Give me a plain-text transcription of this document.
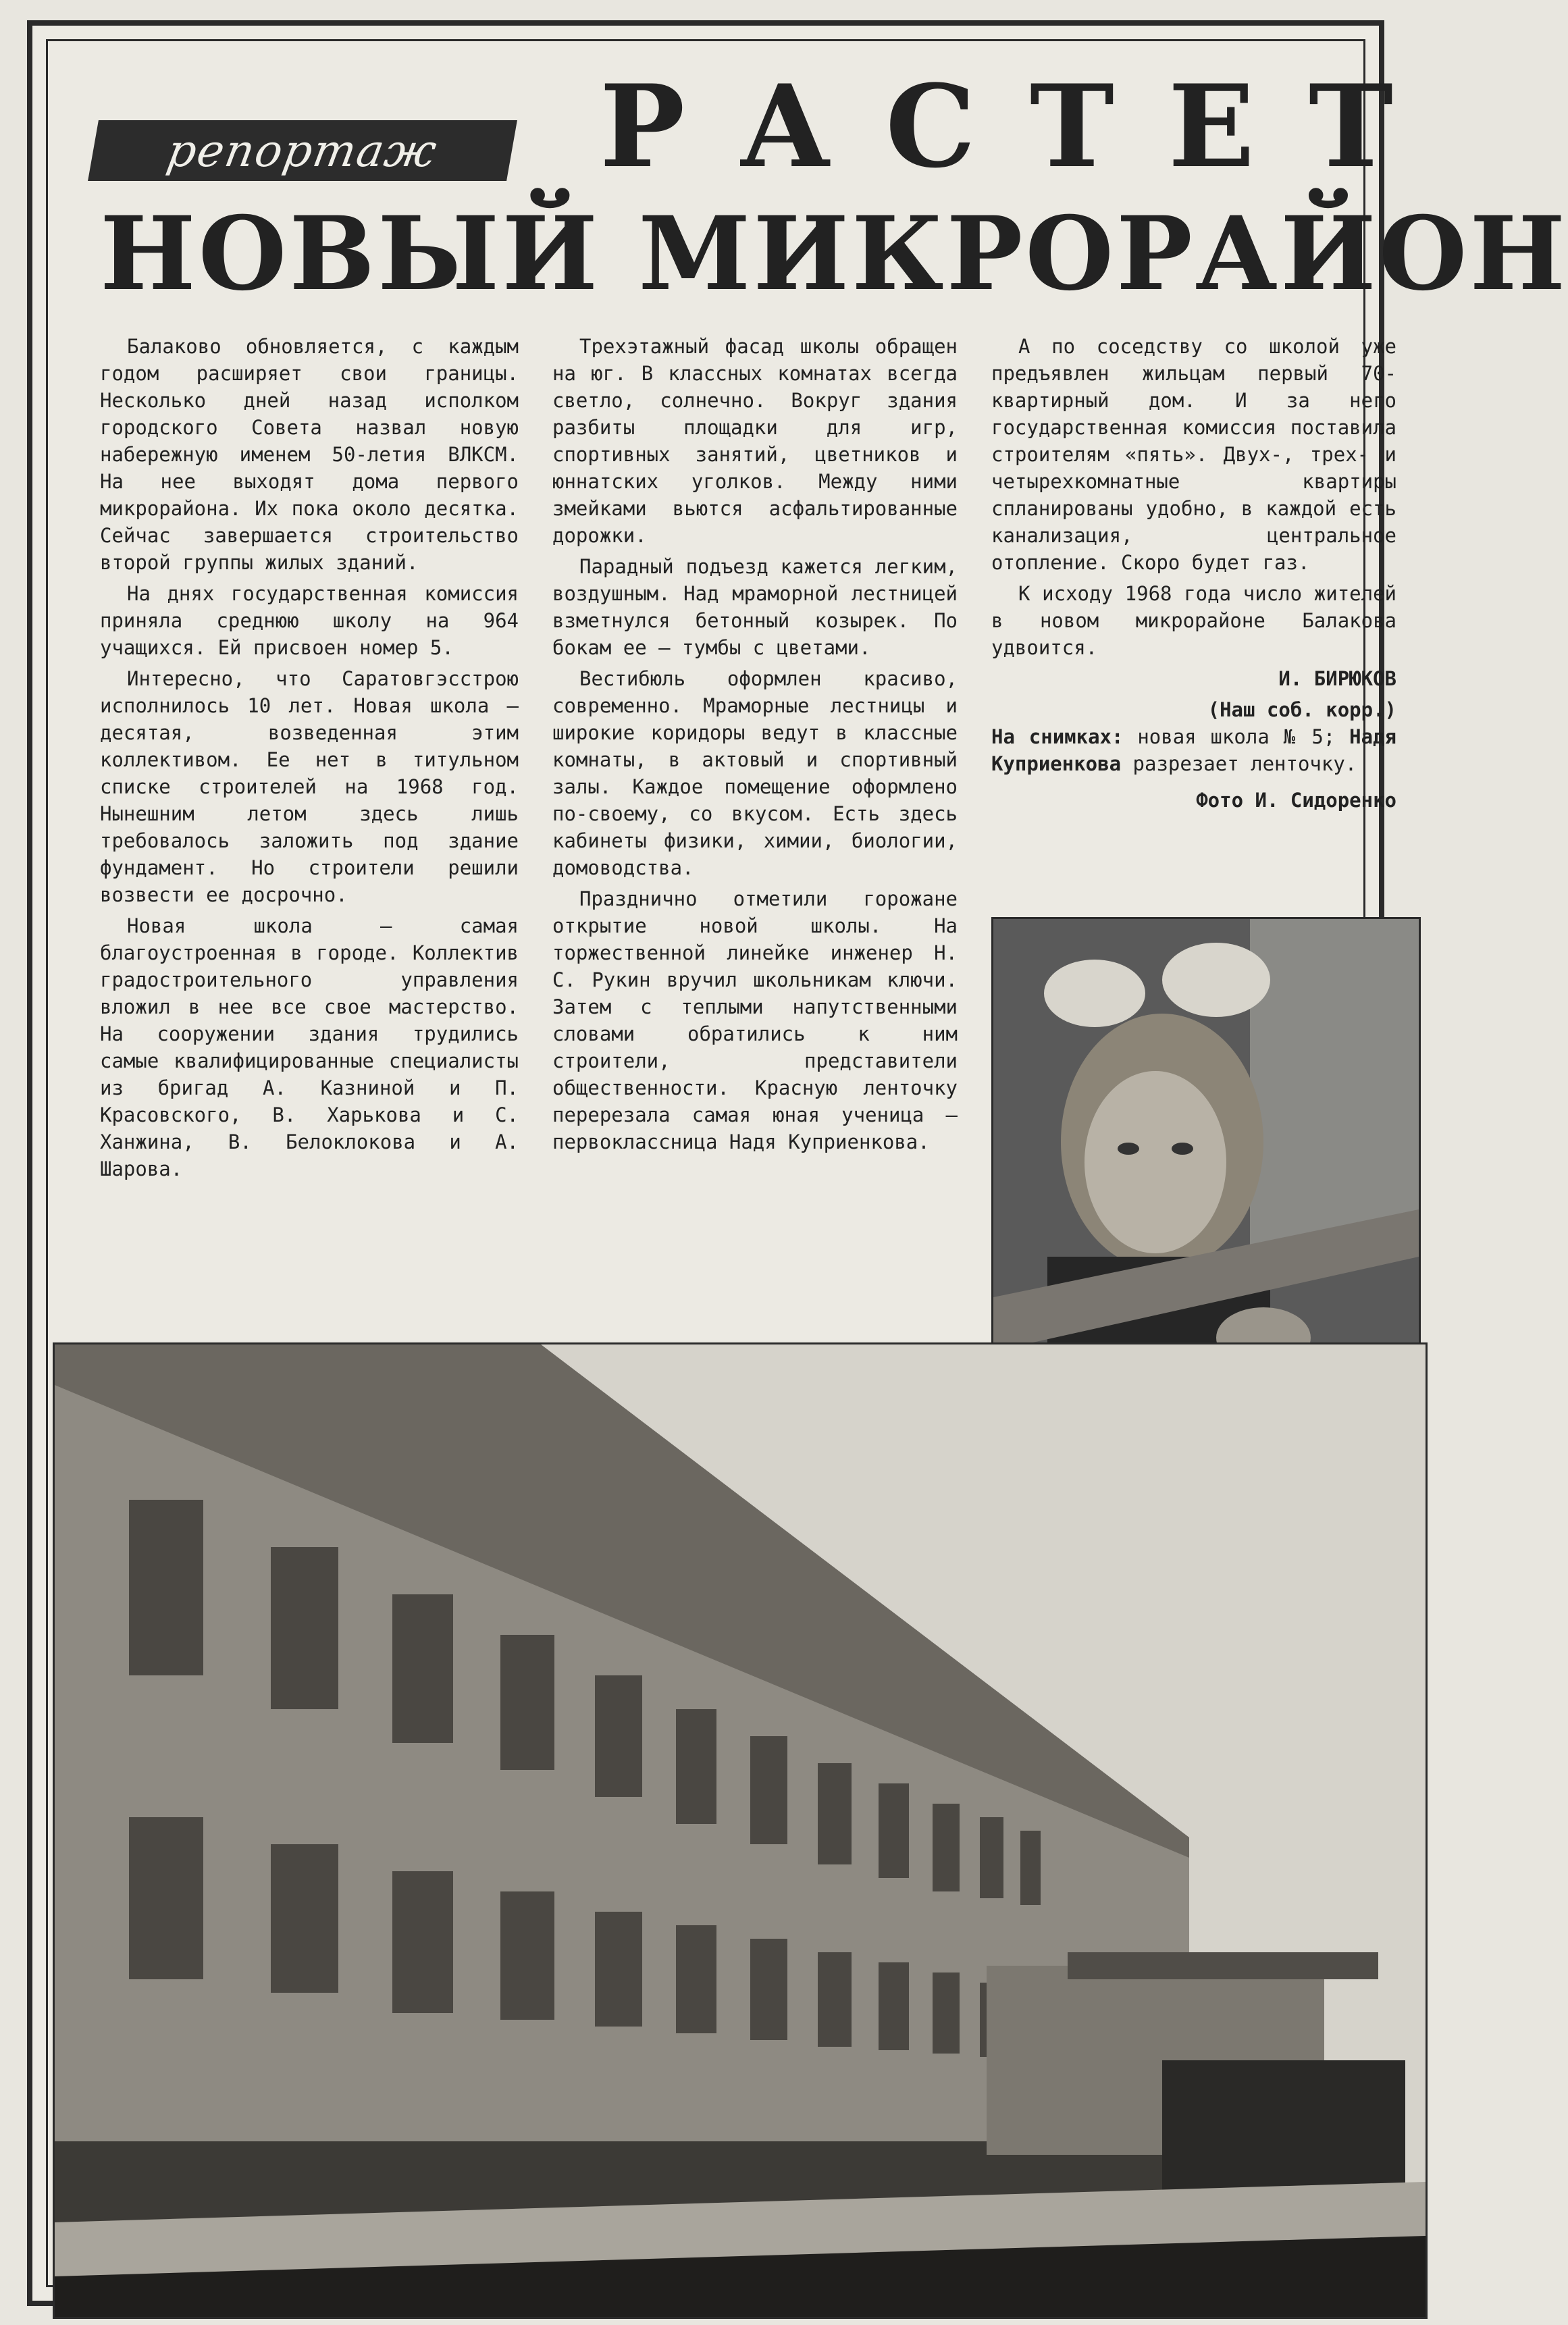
репортаж	РАСТЕТ
НОВЫЙ МИКРОРАЙОН

Балаково обновляется, с каждым годом расширяет свои границы. Несколько дней назад исполком городского Совета назвал новую набережную именем 50-летия ВЛКСМ. На нее выходят дома первого микрорайона. Их пока около десятка. Сейчас завершается строительство второй группы жилых зданий.

На днях государственная комиссия приняла среднюю школу на 964 учащихся. Ей присвоен номер 5.

Интересно, что Саратовгэсстрою исполнилось 10 лет. Новая школа — десятая, возведенная этим коллективом. Ее нет в титульном списке строителей на 1968 год. Нынешним летом здесь лишь требовалось заложить под здание фундамент. Но строители решили возвести ее досрочно.

Новая школа — самая благоустроенная в городе. Коллектив градостроительного управления вложил в нее все свое мастерство. На сооружении здания трудились самые квалифицированные специалисты из бригад А. Казниной и П. Красовского, В. Харькова и С. Ханжина, В. Белоклокова и А. Шарова.

Трехэтажный фасад школы обращен на юг. В классных комнатах всегда светло, солнечно. Вокруг здания разбиты площадки для игр, спортивных занятий, цветников и юннатских уголков. Между ними змейками вьются асфальтированные дорожки.

Парадный подъезд кажется легким, воздушным. Над мраморной лестницей взметнулся бетонный козырек. По бокам ее — тумбы с цветами.

Вестибюль оформлен красиво, современно. Мраморные лестницы и широкие коридоры ведут в классные комнаты, в актовый и спортивный залы. Каждое помещение оформлено по-своему, со вкусом. Есть здесь кабинеты физики, химии, биологии, домоводства.

Празднично отметили горожане открытие новой школы. На торжественной линейке инженер Н. С. Рукин вручил школьникам ключи. Затем с теплыми напутственными словами обратились к ним строители, представители общественности. Красную ленточку перерезала самая юная ученица — первоклассница Надя Куприенкова.

А по соседству со школой уже предъявлен жильцам первый 70-квартирный дом. И за него государственная комиссия поставила строителям «пять». Двух-, трех- и четырехкомнатные квартиры спланированы удобно, в каждой есть канализация, центральное отопление. Скоро будет газ.

К исходу 1968 года число жителей в новом микрорайоне Балакова удвоится.

И. БИРЮКОВ
(Наш соб. корр.)

На снимках: новая школа № 5; Надя Куприенкова разрезает ленточку.

Фото И. Сидоренко
